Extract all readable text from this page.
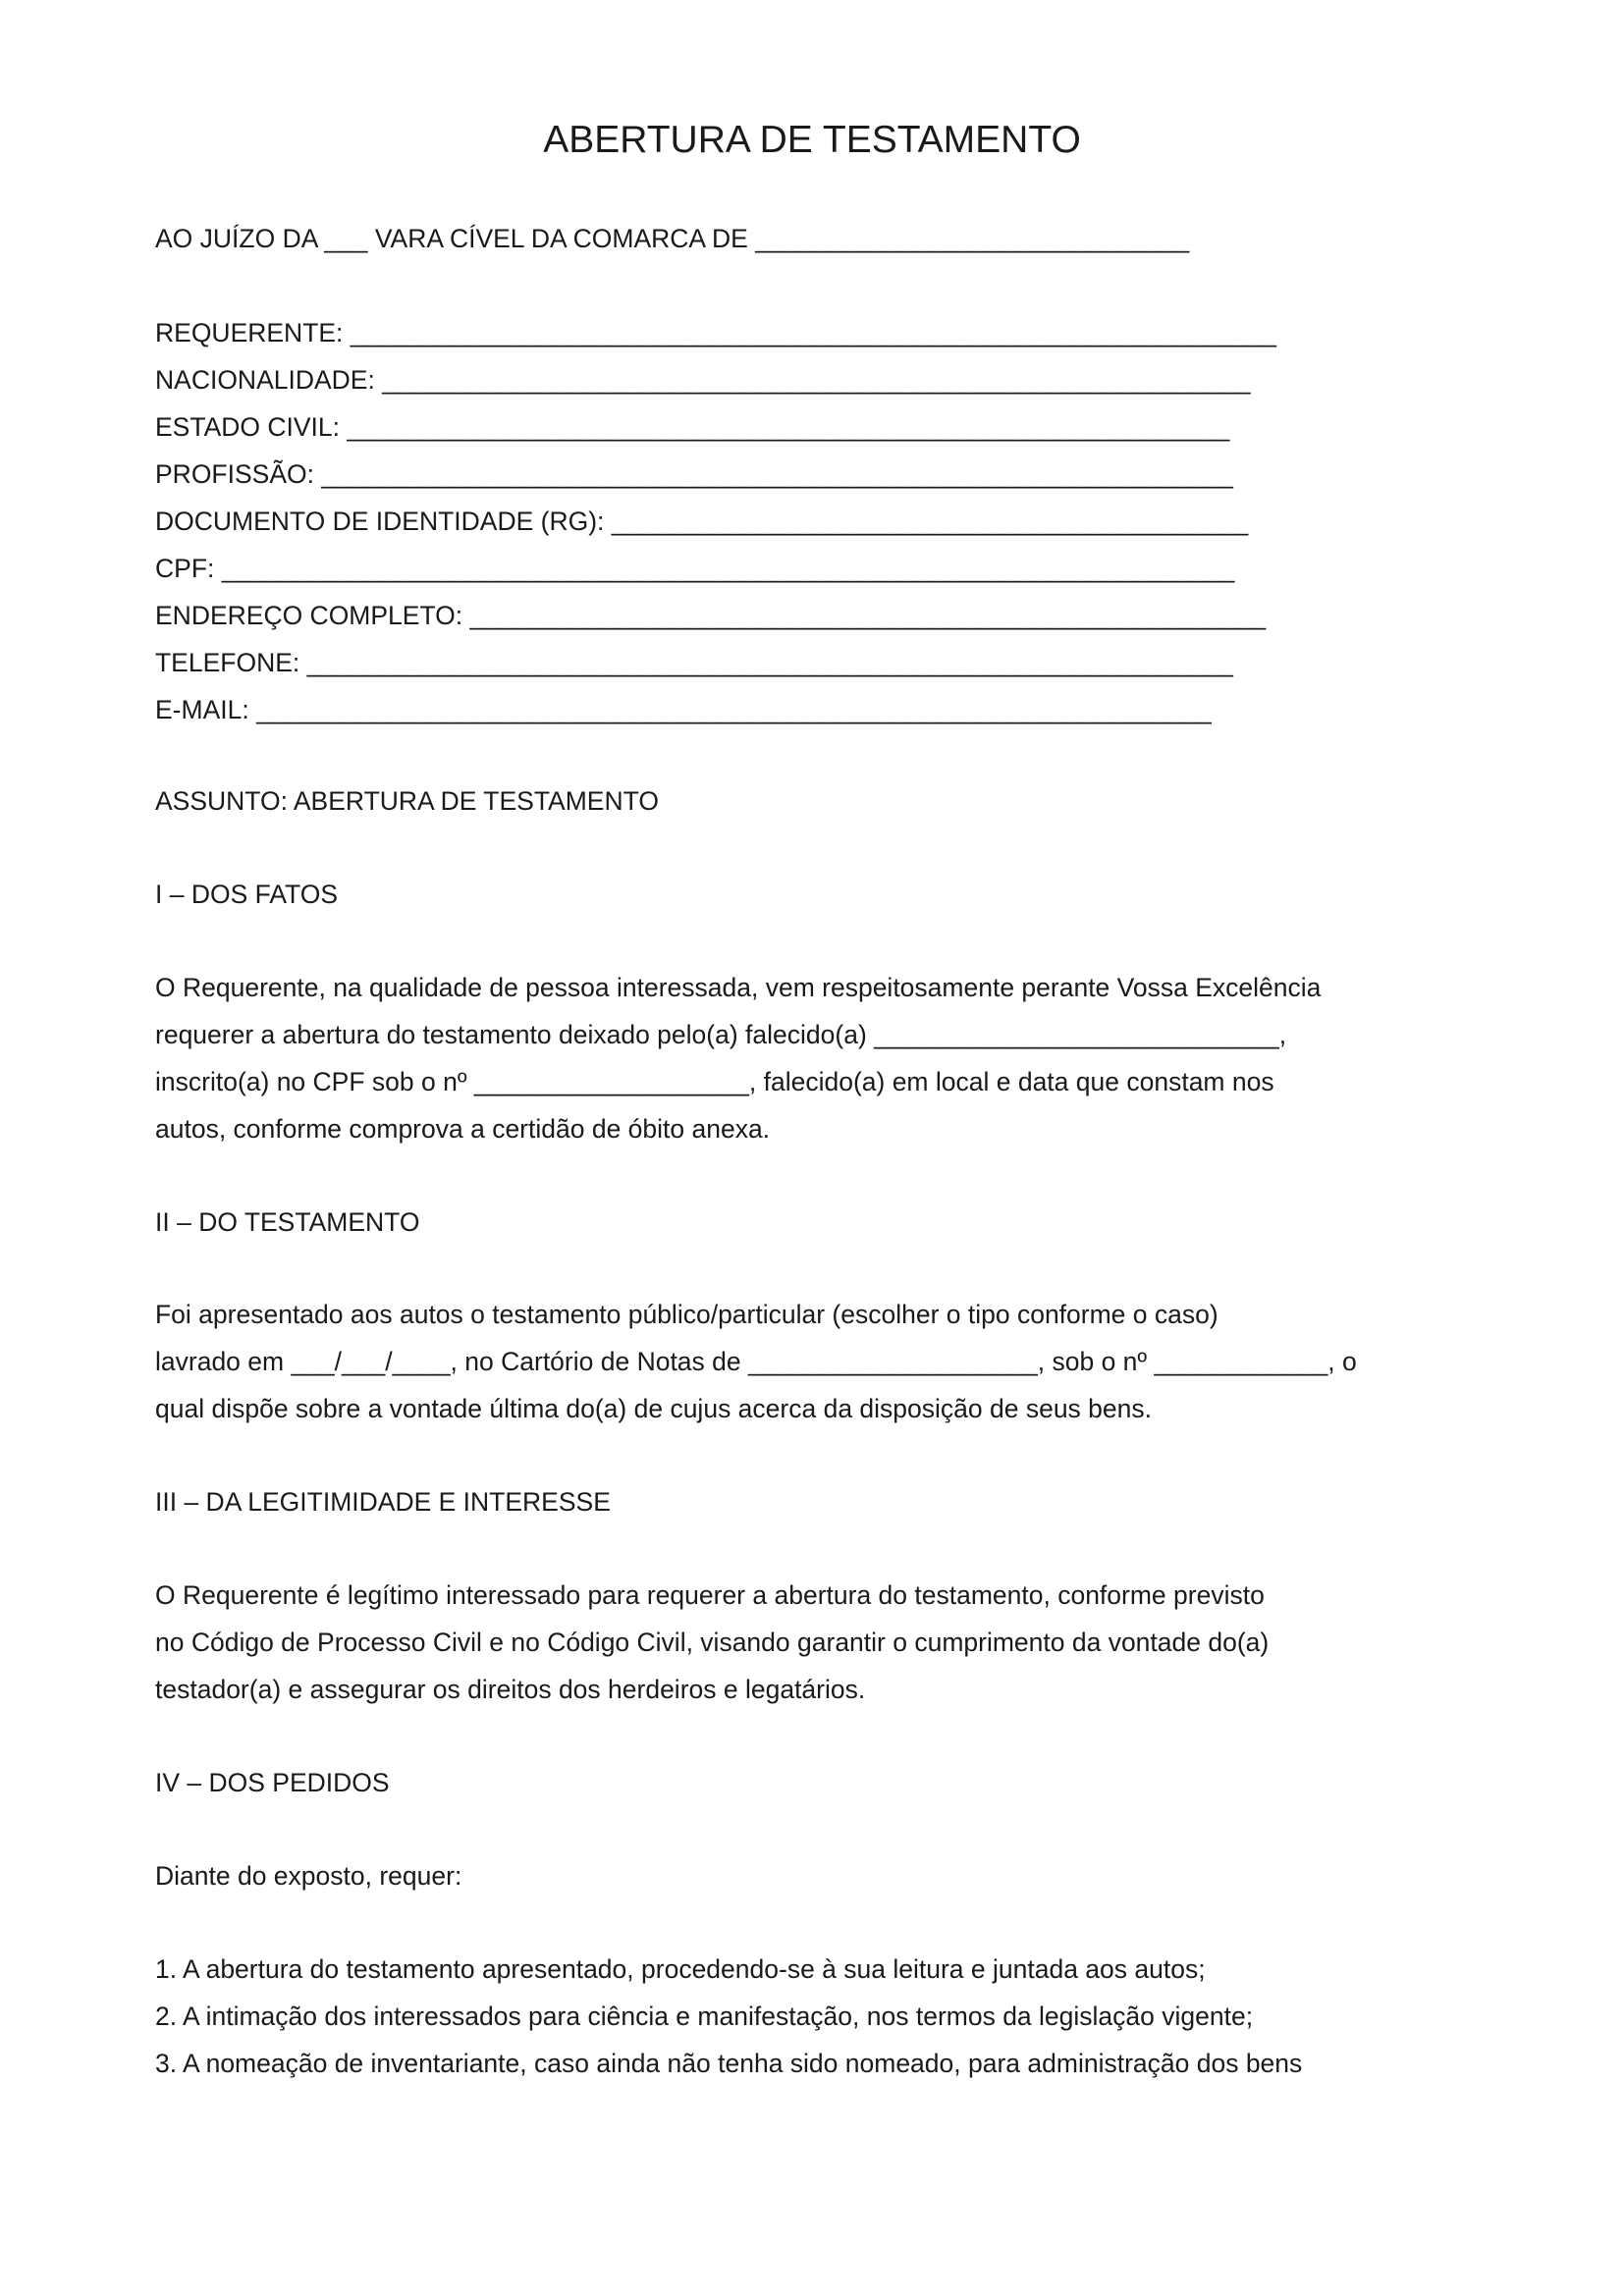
ABERTURA DE TESTAMENTO
AO JUÍZO DA ___ VARA CÍVEL DA COMARCA DE ______________________________
REQUERENTE: ________________________________________________________________
NACIONALIDADE: ____________________________________________________________
ESTADO CIVIL: _____________________________________________________________
PROFISSÃO: _______________________________________________________________
DOCUMENTO DE IDENTIDADE (RG): ____________________________________________
CPF: ______________________________________________________________________
ENDEREÇO COMPLETO: _______________________________________________________
TELEFONE: ________________________________________________________________
E-MAIL: __________________________________________________________________
ASSUNTO: ABERTURA DE TESTAMENTO
I – DOS FATOS
O Requerente, na qualidade de pessoa interessada, vem respeitosamente perante Vossa Excelência
requerer a abertura do testamento deixado pelo(a) falecido(a) ____________________________,
inscrito(a) no CPF sob o nº ___________________, falecido(a) em local e data que constam nos
autos, conforme comprova a certidão de óbito anexa.
II – DO TESTAMENTO
Foi apresentado aos autos o testamento público/particular (escolher o tipo conforme o caso)
lavrado em ___/___/____, no Cartório de Notas de ____________________, sob o nº ____________, o
qual dispõe sobre a vontade última do(a) de cujus acerca da disposição de seus bens.
III – DA LEGITIMIDADE E INTERESSE
O Requerente é legítimo interessado para requerer a abertura do testamento, conforme previsto
no Código de Processo Civil e no Código Civil, visando garantir o cumprimento da vontade do(a)
testador(a) e assegurar os direitos dos herdeiros e legatários.
IV – DOS PEDIDOS
Diante do exposto, requer:
1. A abertura do testamento apresentado, procedendo-se à sua leitura e juntada aos autos;
2. A intimação dos interessados para ciência e manifestação, nos termos da legislação vigente;
3. A nomeação de inventariante, caso ainda não tenha sido nomeado, para administração dos bens
